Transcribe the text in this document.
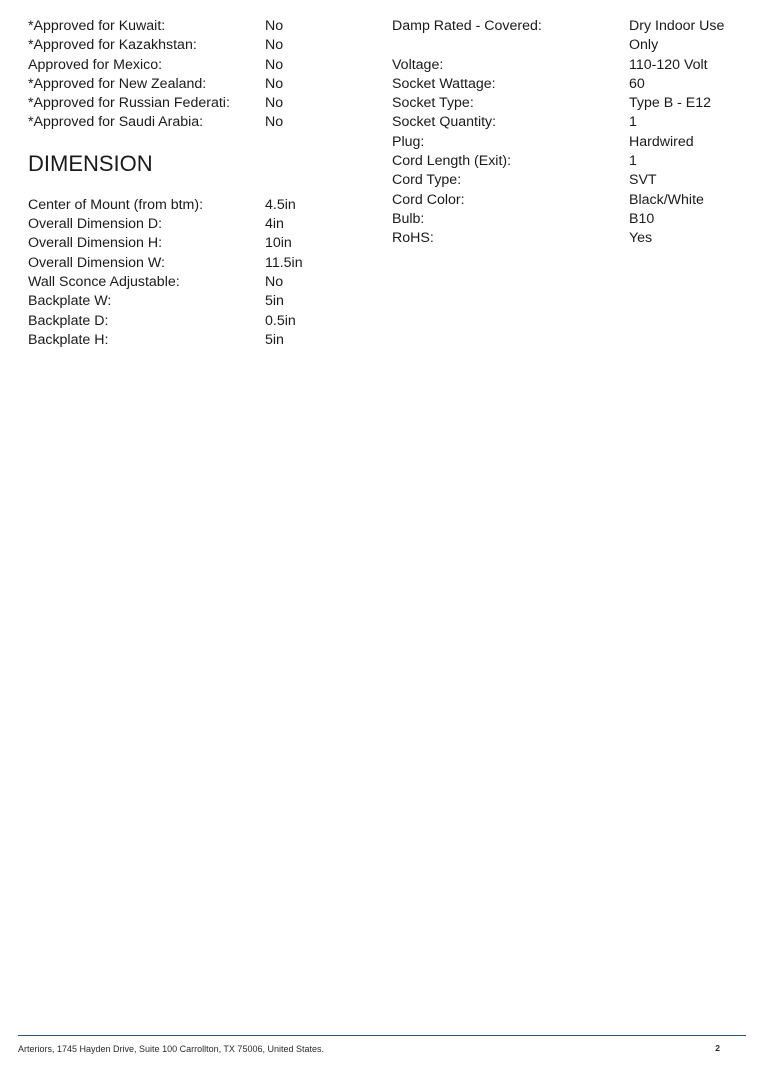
*Approved for Kuwait:	No
*Approved for Kazakhstan:	No
Approved for Mexico:	No
*Approved for New Zealand:	No
*Approved for Russian Federati:	No
*Approved for Saudi Arabia:	No
DIMENSION
Center of Mount (from btm):	4.5in
Overall Dimension D:	4in
Overall Dimension H:	10in
Overall Dimension W:	11.5in
Wall Sconce Adjustable:	No
Backplate W:	5in
Backplate D:	0.5in
Backplate H:	5in
Damp Rated - Covered:	Dry Indoor Use Only
Voltage:	110-120 Volt
Socket Wattage:	60
Socket Type:	Type B - E12
Socket Quantity:	1
Plug:	Hardwired
Cord Length (Exit):	1
Cord Type:	SVT
Cord Color:	Black/White
Bulb:	B10
RoHS:	Yes
Arteriors, 1745 Hayden Drive, Suite 100 Carrollton, TX 75006, United States.	2
